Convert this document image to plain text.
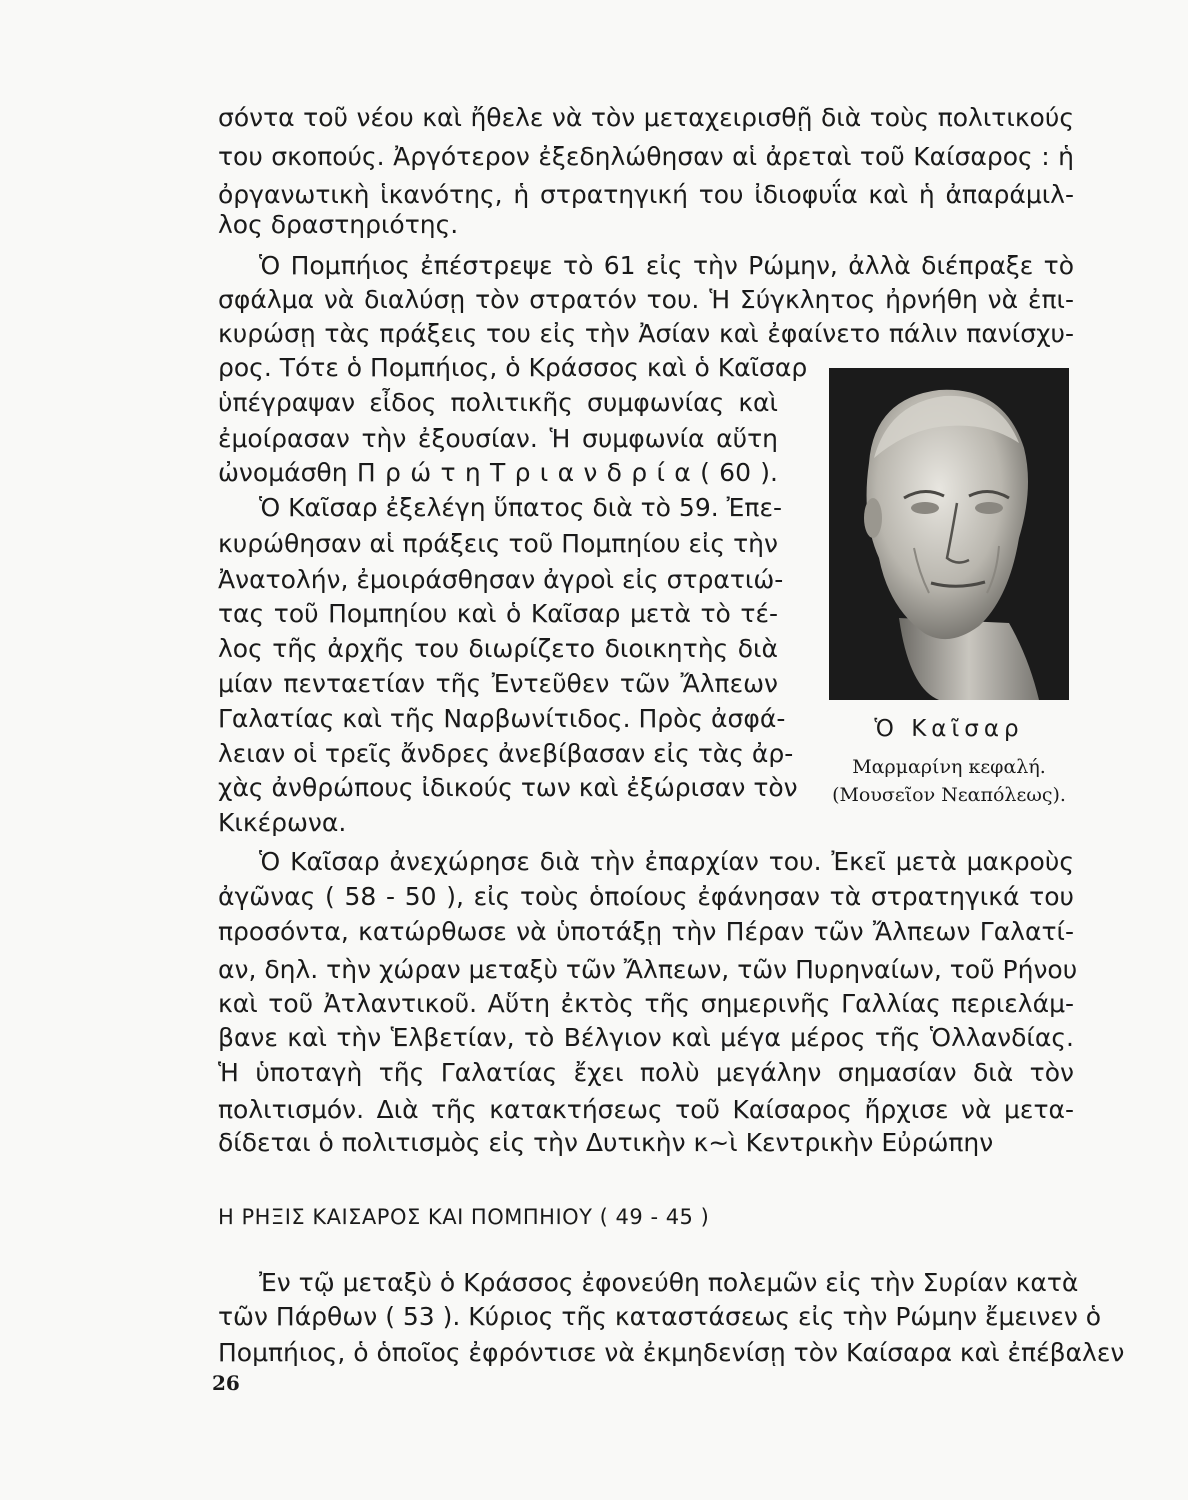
σόντα τοῦ νέου καὶ ἤθελε νὰ τὸν μεταχειρισθῇ διὰ τοὺς πολιτικούς
του σκοπούς. Ἀργότερον ἐξεδηλώθησαν αἱ ἀρεταὶ τοῦ Καίσαρος : ἡ
ὀργανωτικὴ ἱκανότης, ἡ στρατηγική του ἰδιοφυΐα καὶ ἡ ἀπαράμιλ-
λος δραστηριότης.
Ὁ Πομπήιος ἐπέστρεψε τὸ 61 εἰς τὴν Ρώμην, ἀλλὰ διέπραξε τὸ
σφάλμα νὰ διαλύσῃ τὸν στρατόν του. Ἡ Σύγκλητος ἠρνήθη νὰ ἐπι-
κυρώσῃ τὰς πράξεις του εἰς τὴν Ἀσίαν καὶ ἐφαίνετο πάλιν πανίσχυ-
ρος. Τότε ὁ Πομπήιος, ὁ Κράσσος καὶ ὁ Καῖσαρ
ὑπέγραψαν εἶδος πολιτικῆς συμφωνίας καὶ
ἐμοίρασαν τὴν ἐξουσίαν. Ἡ συμφωνία αὕτη
ὠνομάσθη Π ρ ώ τ η Τ ρ ι α ν δ ρ ί α ( 60 ).
Ὁ Καῖσαρ ἐξελέγη ὕπατος διὰ τὸ 59. Ἐπε-
κυρώθησαν αἱ πράξεις τοῦ Πομπηίου εἰς τὴν
Ἀνατολήν, ἐμοιράσθησαν ἀγροὶ εἰς στρατιώ-
τας τοῦ Πομπηίου καὶ ὁ Καῖσαρ μετὰ τὸ τέ-
λος τῆς ἀρχῆς του διωρίζετο διοικητὴς διὰ
μίαν πενταετίαν τῆς Ἐντεῦθεν τῶν Ἄλπεων
Γαλατίας καὶ τῆς Ναρβωνίτιδος. Πρὸς ἀσφά-
λειαν οἱ τρεῖς ἄνδρες ἀνεβίβασαν εἰς τὰς ἀρ-
χὰς ἀνθρώπους ἰδικούς των καὶ ἐξώρισαν τὸν
Κικέρωνα.
Ὁ Καῖσαρ ἀνεχώρησε διὰ τὴν ἐπαρχίαν του. Ἐκεῖ μετὰ μακροὺς
ἀγῶνας ( 58 - 50 ), εἰς τοὺς ὁποίους ἐφάνησαν τὰ στρατηγικά του
προσόντα, κατώρθωσε νὰ ὑποτάξῃ τὴν Πέραν τῶν Ἄλπεων Γαλατί-
αν, δηλ. τὴν χώραν μεταξὺ τῶν Ἄλπεων, τῶν Πυρηναίων, τοῦ Ρήνου
καὶ τοῦ Ἀτλαντικοῦ. Αὕτη ἐκτὸς τῆς σημερινῆς Γαλλίας περιελάμ-
βανε καὶ τὴν Ἑλβετίαν, τὸ Βέλγιον καὶ μέγα μέρος τῆς Ὁλλανδίας.
Ἡ ὑποταγὴ τῆς Γαλατίας ἔχει πολὺ μεγάλην σημασίαν διὰ τὸν
πολιτισμόν. Διὰ τῆς κατακτήσεως τοῦ Καίσαρος ἤρχισε νὰ μετα-
δίδεται ὁ πολιτισμὸς εἰς τὴν Δυτικὴν κ~ὶ Κεντρικὴν Εὐρώπην
Η ΡΗΞΙΣ ΚΑΙΣΑΡΟΣ ΚΑΙ ΠΟΜΠΗΙΟΥ ( 49 - 45 )
Ἐν τῷ μεταξὺ ὁ Κράσσος ἐφονεύθη πολεμῶν εἰς τὴν Συρίαν κατὰ
τῶν Πάρθων ( 53 ). Κύριος τῆς καταστάσεως εἰς τὴν Ρώμην ἔμεινεν ὁ
Πομπήιος, ὁ ὁποῖος ἐφρόντισε νὰ ἐκμηδενίσῃ τὸν Καίσαρα καὶ ἐπέβαλεν
Ὁ Καῖσαρ
Μαρμαρίνη κεφαλή.
(Μουσεῖον Νεαπόλεως).
26
